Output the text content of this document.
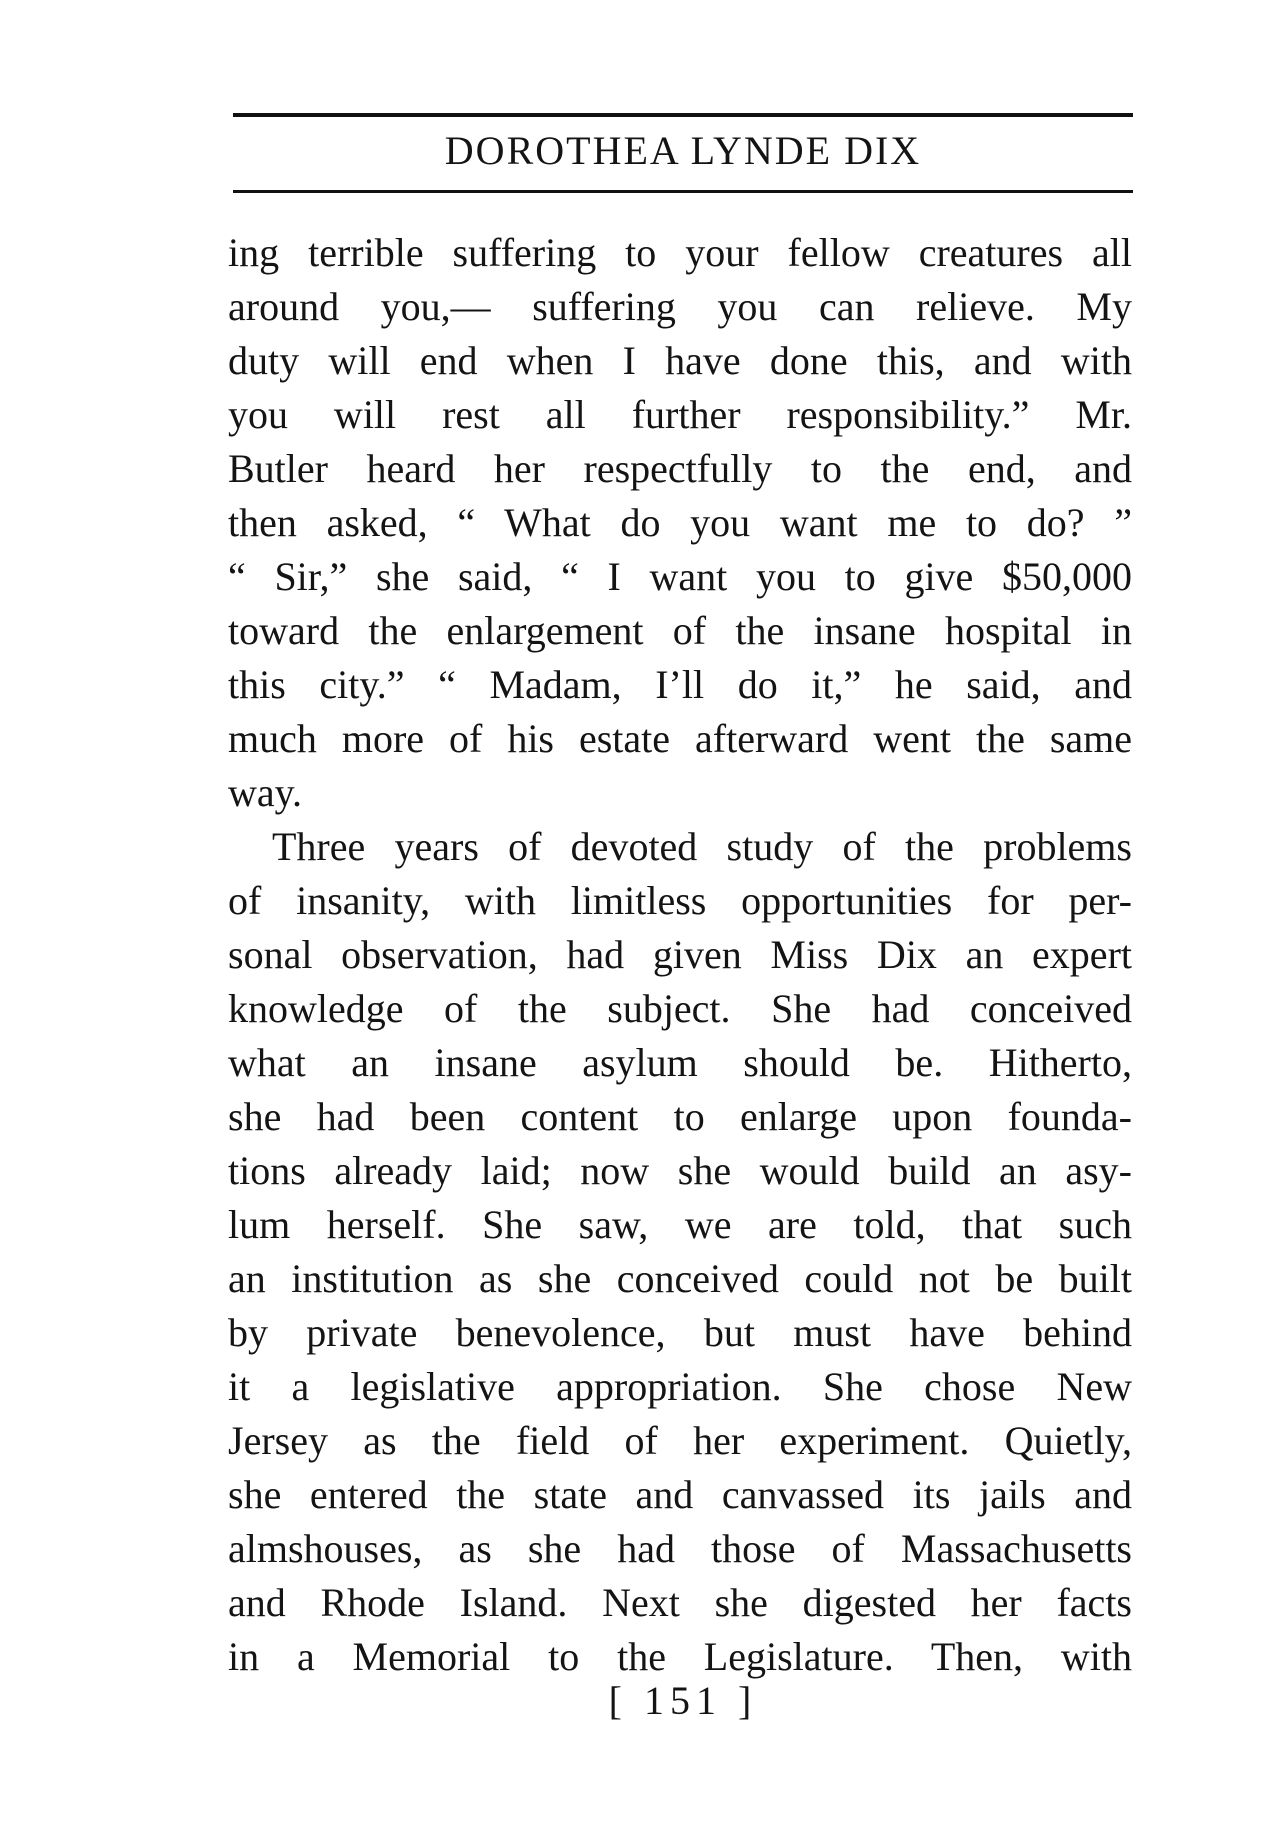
DOROTHEA LYNDE DIX
ing terrible suffering to your fellow creatures all
around you,— suffering you can relieve. My
duty will end when I have done this, and with
you will rest all further responsibility.” Mr.
Butler heard her respectfully to the end, and
then asked, “ What do you want me to do? ”
“ Sir,” she said, “ I want you to give $50,000
toward the enlargement of the insane hospital in
this city.” “ Madam, I’ll do it,” he said, and
much more of his estate afterward went the same
way.
Three years of devoted study of the problems
of insanity, with limitless opportunities for per-
sonal observation, had given Miss Dix an expert
knowledge of the subject. She had conceived
what an insane asylum should be. Hitherto,
she had been content to enlarge upon founda-
tions already laid; now she would build an asy-
lum herself. She saw, we are told, that such
an institution as she conceived could not be built
by private benevolence, but must have behind
it a legislative appropriation. She chose New
Jersey as the field of her experiment. Quietly,
she entered the state and canvassed its jails and
almshouses, as she had those of Massachusetts
and Rhode Island. Next she digested her facts
in a Memorial to the Legislature. Then, with
[ 151 ]
